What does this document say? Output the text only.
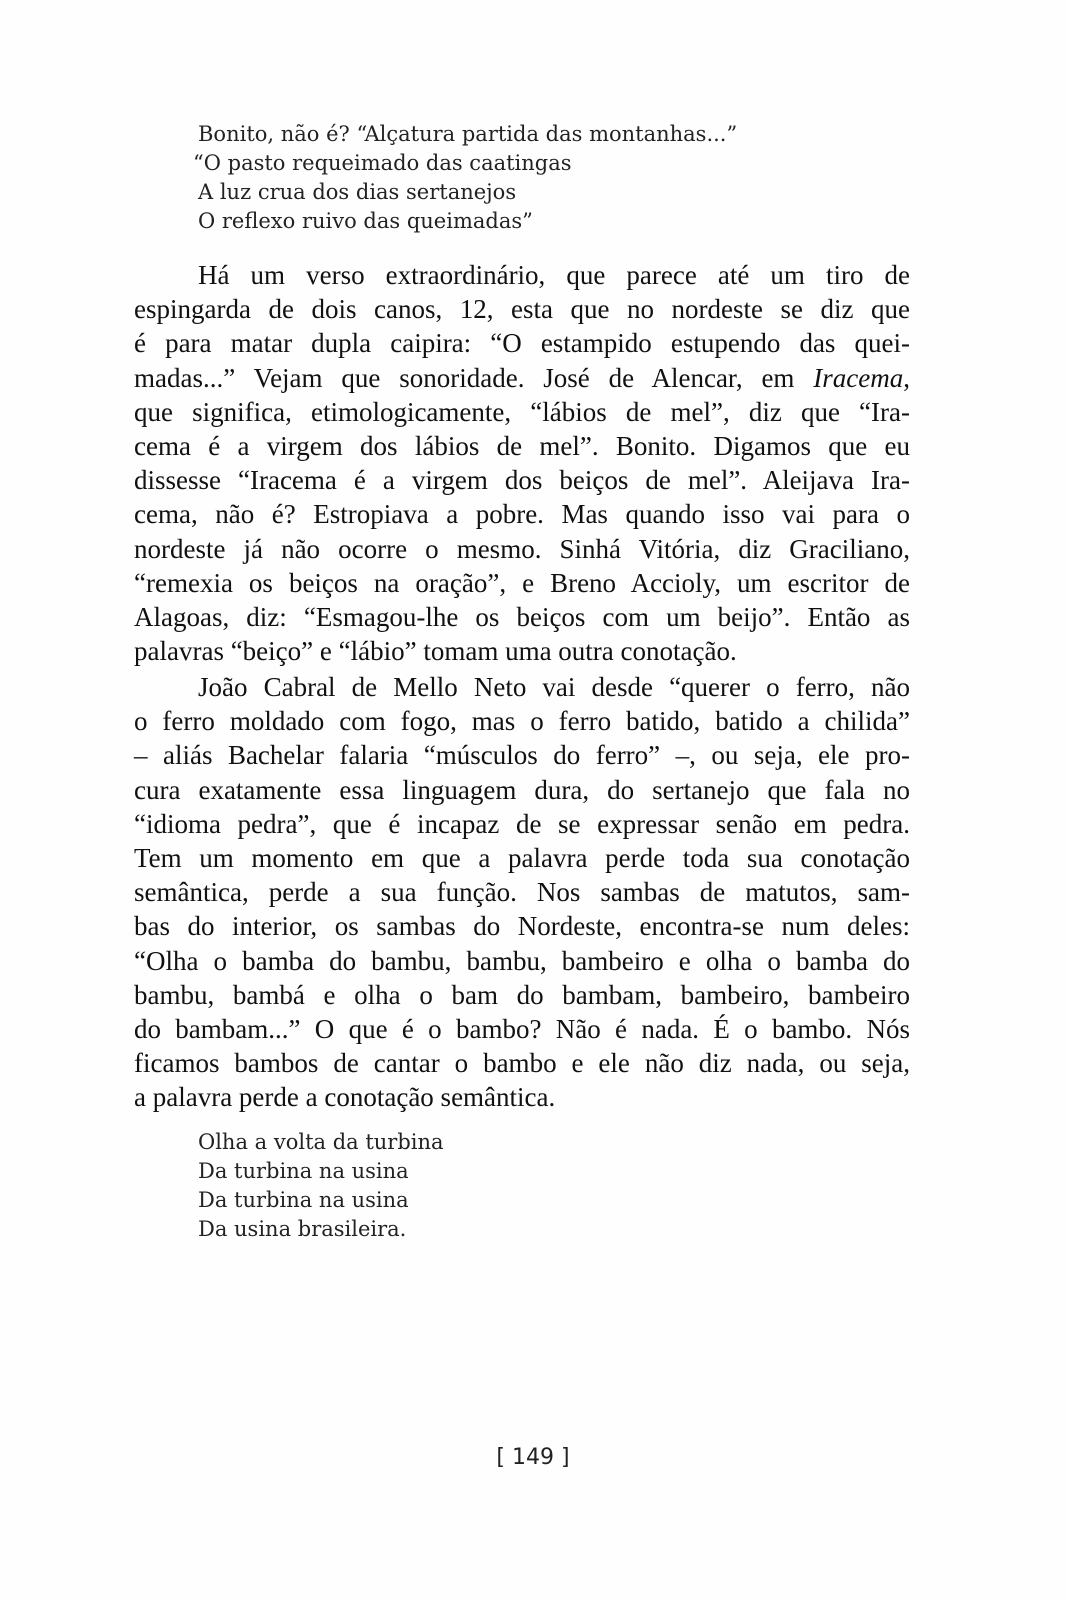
Bonito, não é? “Alçatura partida das montanhas...”
“O pasto requeimado das caatingas
A luz crua dos dias sertanejos
O reflexo ruivo das queimadas”
Há um verso extraordinário, que parece até um tiro de
espingarda de dois canos, 12, esta que no nordeste se diz que
é para matar dupla caipira: “O estampido estupendo das quei-
madas...” Vejam que sonoridade. José de Alencar, em Iracema,
que significa, etimologicamente, “lábios de mel”, diz que “Ira-
cema é a virgem dos lábios de mel”. Bonito. Digamos que eu
dissesse “Iracema é a virgem dos beiços de mel”. Aleijava Ira-
cema, não é? Estropiava a pobre. Mas quando isso vai para o
nordeste já não ocorre o mesmo. Sinhá Vitória, diz Graciliano,
“remexia os beiços na oração”, e Breno Accioly, um escritor de
Alagoas, diz: “Esmagou-lhe os beiços com um beijo”. Então as
palavras “beiço” e “lábio” tomam uma outra conotação.
João Cabral de Mello Neto vai desde “querer o ferro, não
o ferro moldado com fogo, mas o ferro batido, batido a chilida”
– aliás Bachelar falaria “músculos do ferro” –, ou seja, ele pro-
cura exatamente essa linguagem dura, do sertanejo que fala no
“idioma pedra”, que é incapaz de se expressar senão em pedra.
Tem um momento em que a palavra perde toda sua conotação
semântica, perde a sua função. Nos sambas de matutos, sam-
bas do interior, os sambas do Nordeste, encontra-se num deles:
“Olha o bamba do bambu, bambu, bambeiro e olha o bamba do
bambu, bambá e olha o bam do bambam, bambeiro, bambeiro
do bambam...” O que é o bambo? Não é nada. É o bambo. Nós
ficamos bambos de cantar o bambo e ele não diz nada, ou seja,
a palavra perde a conotação semântica.
Olha a volta da turbina
Da turbina na usina
Da turbina na usina
Da usina brasileira.
[ 149 ]
